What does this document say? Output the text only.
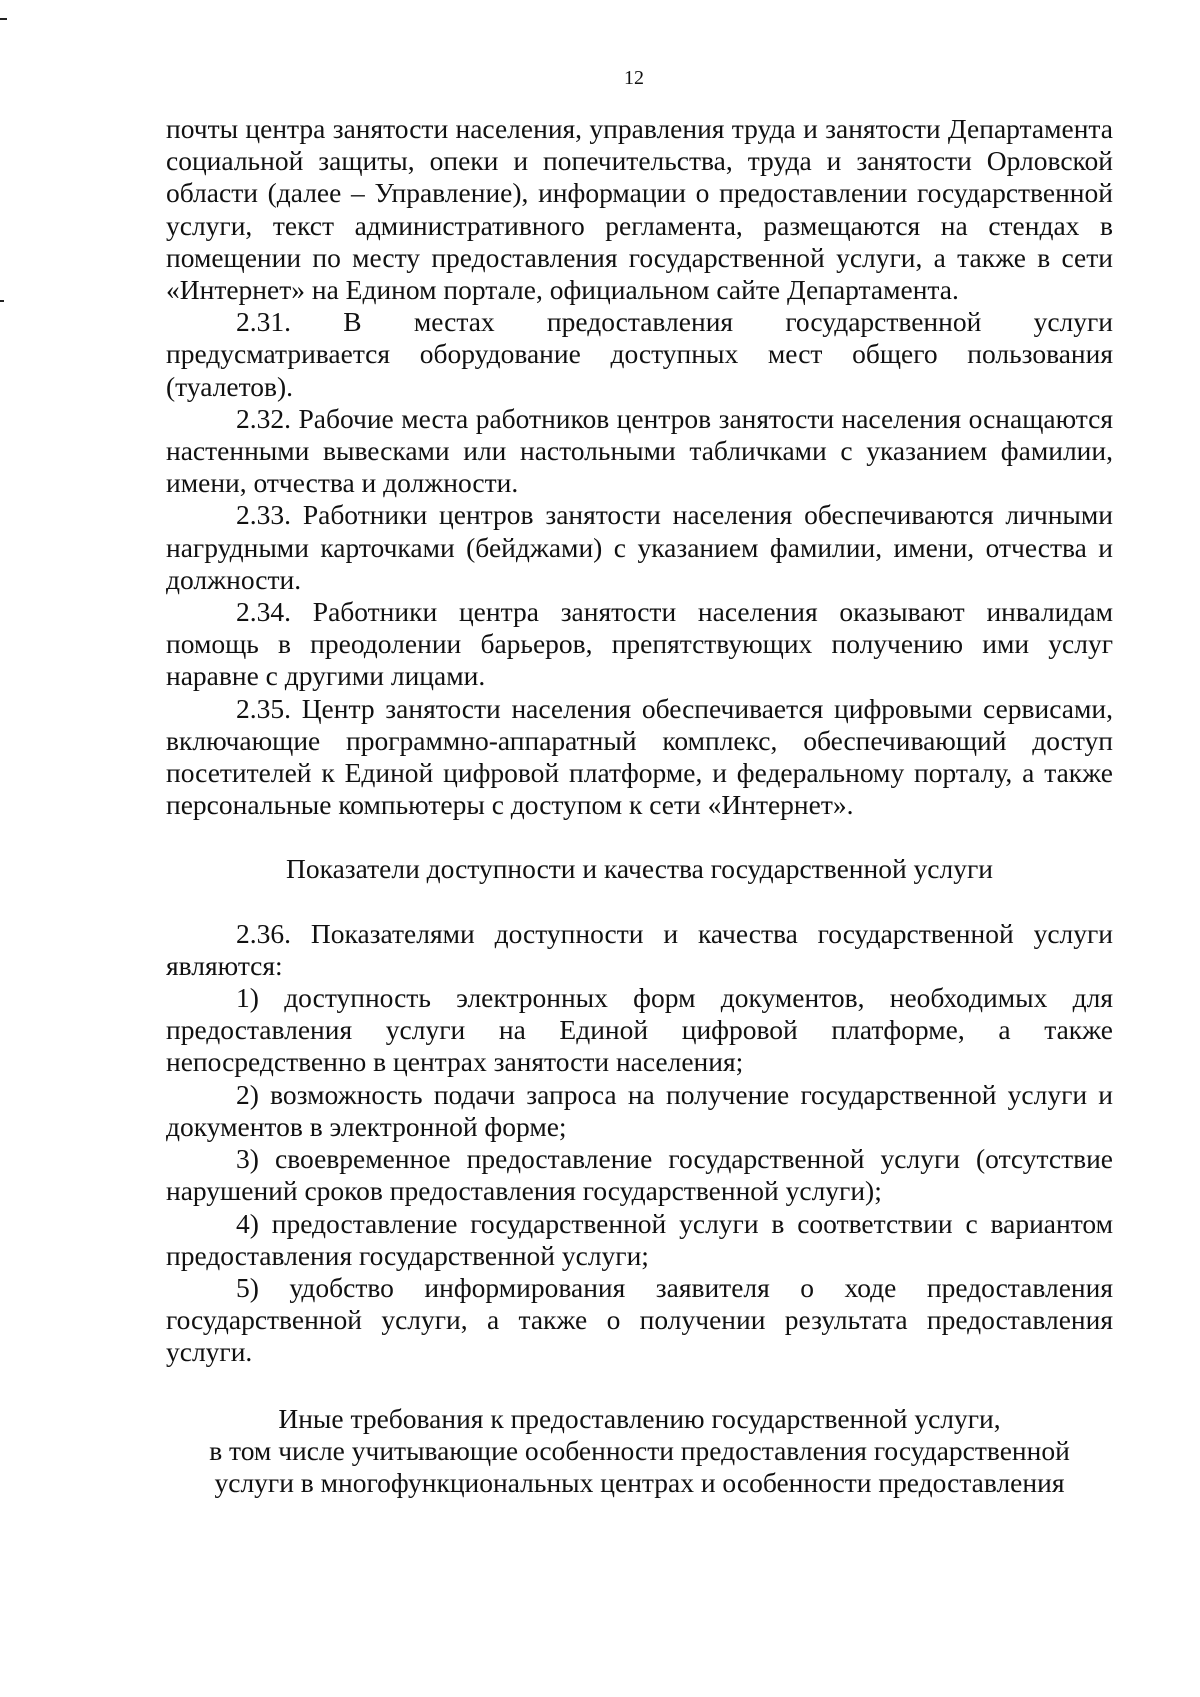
12

почты центра занятости населения, управления труда и занятости Департамента социальной защиты, опеки и попечительства, труда и занятости Орловской области (далее – Управление), информации о предоставлении государственной услуги, текст административного регламента, размещаются на стендах в помещении по месту предоставления государственной услуги, а также в сети «Интернет» на Едином портале, официальном сайте Департамента.

2.31. В местах предоставления государственной услуги предусматривается оборудование доступных мест общего пользования (туалетов).

2.32. Рабочие места работников центров занятости населения оснащаются настенными вывесками или настольными табличками с указанием фамилии, имени, отчества и должности.

2.33. Работники центров занятости населения обеспечиваются личными нагрудными карточками (бейджами) с указанием фамилии, имени, отчества и должности.

2.34. Работники центра занятости населения оказывают инвалидам помощь в преодолении барьеров, препятствующих получению ими услуг наравне с другими лицами.

2.35. Центр занятости населения обеспечивается цифровыми сервисами, включающие программно-аппаратный комплекс, обеспечивающий доступ посетителей к Единой цифровой платформе, и федеральному порталу, а также персональные компьютеры с доступом к сети «Интернет».

Показатели доступности и качества государственной услуги

2.36. Показателями доступности и качества государственной услуги являются:

1) доступность электронных форм документов, необходимых для предоставления услуги на Единой цифровой платформе, а также непосредственно в центрах занятости населения;

2) возможность подачи запроса на получение государственной услуги и документов в электронной форме;

3) своевременное предоставление государственной услуги (отсутствие нарушений сроков предоставления государственной услуги);

4) предоставление государственной услуги в соответствии с вариантом предоставления государственной услуги;

5) удобство информирования заявителя о ходе предоставления государственной услуги, а также о получении результата предоставления услуги.

Иные требования к предоставлению государственной услуги,
в том числе учитывающие особенности предоставления государственной
услуги в многофункциональных центрах и особенности предоставления
